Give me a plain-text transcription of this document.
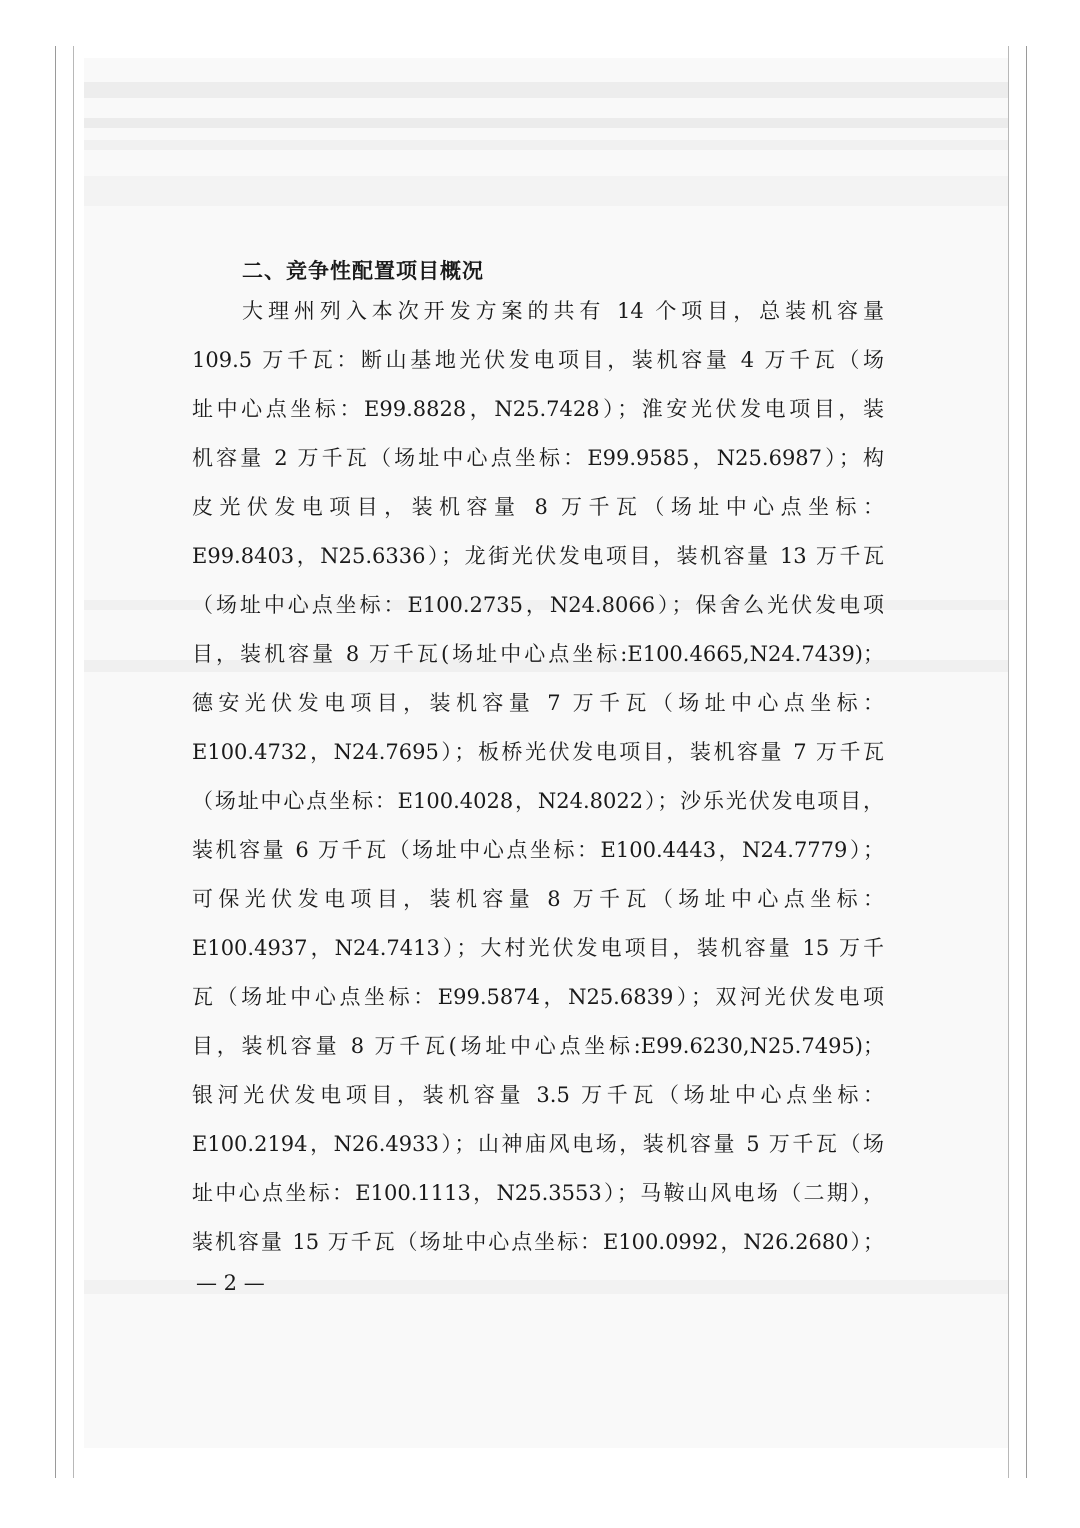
二、竞争性配置项目概况
大理州列入本次开发方案的共有 14 个项目，总装机容量
109.5 万千瓦：断山基地光伏发电项目，装机容量 4 万千瓦（场
址中心点坐标：E99.8828，N25.7428）；淮安光伏发电项目，装
机容量 2 万千瓦（场址中心点坐标：E99.9585，N25.6987）；构
皮光伏发电项目，装机容量 8 万千瓦（场址中心点坐标：
E99.8403，N25.6336）；龙街光伏发电项目，装机容量 13 万千瓦
（场址中心点坐标：E100.2735，N24.8066）；保舍么光伏发电项
目，装机容量 8 万千瓦(场址中心点坐标:E100.4665,N24.7439)；
德安光伏发电项目，装机容量 7 万千瓦（场址中心点坐标：
E100.4732，N24.7695）；板桥光伏发电项目，装机容量 7 万千瓦
（场址中心点坐标：E100.4028，N24.8022）；沙乐光伏发电项目，
装机容量 6 万千瓦（场址中心点坐标：E100.4443，N24.7779）；
可保光伏发电项目，装机容量 8 万千瓦（场址中心点坐标：
E100.4937，N24.7413）；大村光伏发电项目，装机容量 15 万千
瓦（场址中心点坐标：E99.5874，N25.6839）；双河光伏发电项
目，装机容量 8 万千瓦(场址中心点坐标:E99.6230,N25.7495)；
银河光伏发电项目，装机容量 3.5 万千瓦（场址中心点坐标：
E100.2194，N26.4933）；山神庙风电场，装机容量 5 万千瓦（场
址中心点坐标：E100.1113，N25.3553）；马鞍山风电场（二期），
装机容量 15 万千瓦（场址中心点坐标：E100.0992，N26.2680）；
— 2 —
